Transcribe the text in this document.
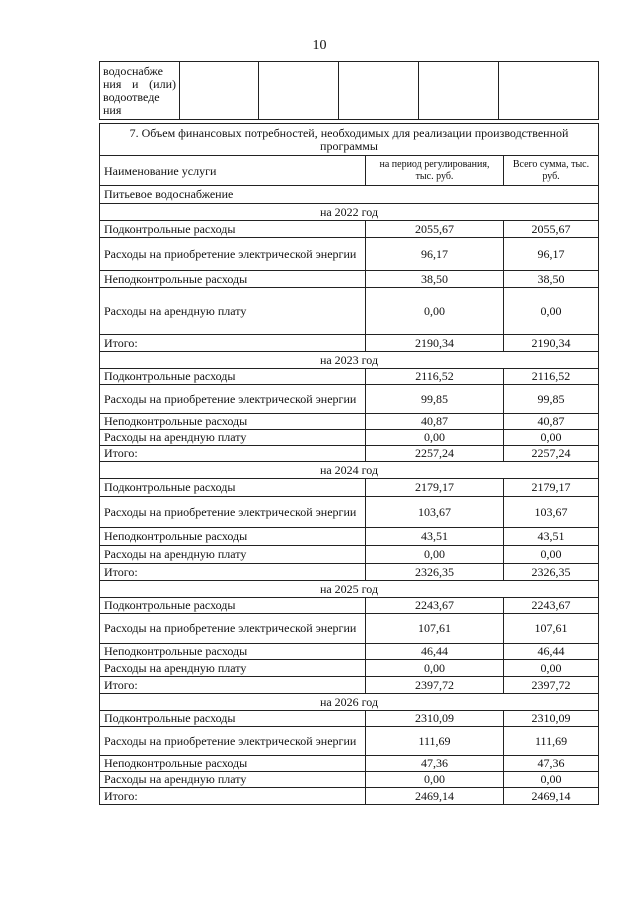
10
водоснабже ния и (или) водоотведе ния					
7. Объем финансовых потребностей, необходимых для реализации производственной программы		
Наименование услуги	на период регулирования, тыс. руб.	Всего сумма, тыс. руб.
Питьевое водоснабжение		
на 2022 год		
Подконтрольные расходы	2055,67	2055,67
Расходы на приобретение электрической энергии	96,17	96,17
Неподконтрольные расходы	38,50	38,50
Расходы на арендную плату	0,00	0,00
Итого:	2190,34	2190,34
на 2023 год		
Подконтрольные расходы	2116,52	2116,52
Расходы на приобретение электрической энергии	99,85	99,85
Неподконтрольные расходы	40,87	40,87
Расходы на арендную плату	0,00	0,00
Итого:	2257,24	2257,24
на 2024 год		
Подконтрольные расходы	2179,17	2179,17
Расходы на приобретение электрической энергии	103,67	103,67
Неподконтрольные расходы	43,51	43,51
Расходы на арендную плату	0,00	0,00
Итого:	2326,35	2326,35
на 2025 год		
Подконтрольные расходы	2243,67	2243,67
Расходы на приобретение электрической энергии	107,61	107,61
Неподконтрольные расходы	46,44	46,44
Расходы на арендную плату	0,00	0,00
Итого:	2397,72	2397,72
на 2026 год		
Подконтрольные расходы	2310,09	2310,09
Расходы на приобретение электрической энергии	111,69	111,69
Неподконтрольные расходы	47,36	47,36
Расходы на арендную плату	0,00	0,00
Итого:	2469,14	2469,14
